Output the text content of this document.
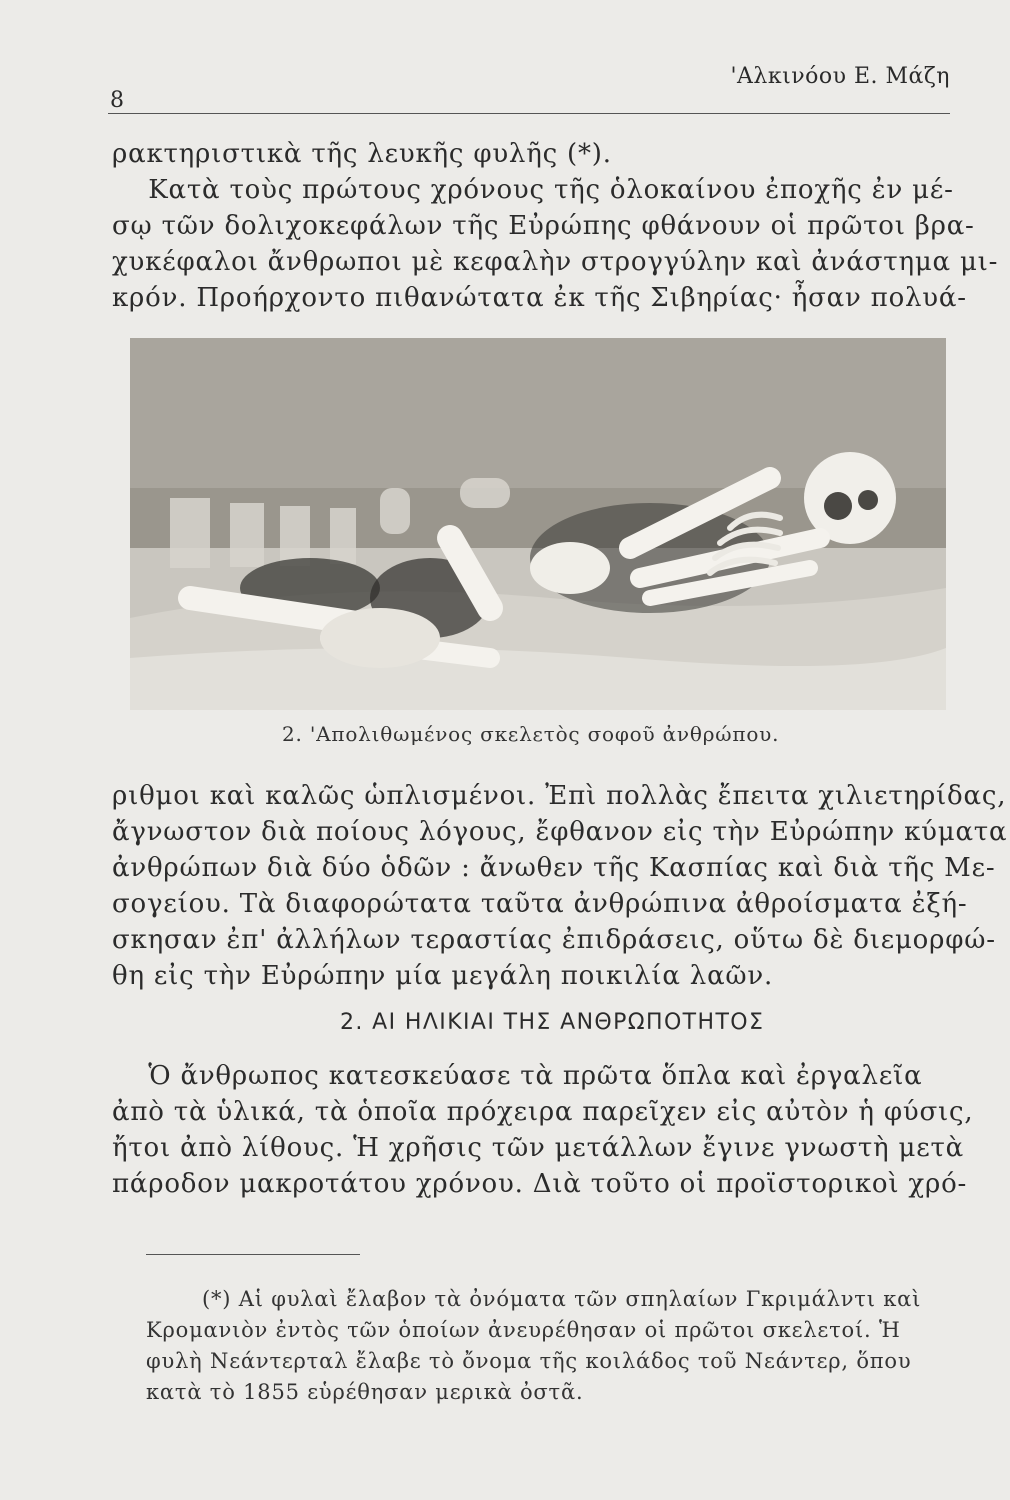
8
'Αλκινόου Ε. Μάζη
ρακτηριστικὰ τῆς λευκῆς φυλῆς (*).
Κατὰ τοὺς πρώτους χρόνους τῆς ὁλοκαίνου ἐποχῆς ἐν μέ-
σῳ τῶν δολιχοκεφάλων τῆς Εὐρώπης φθάνουν οἱ πρῶτοι βρα-
χυκέφαλοι ἄνθρωποι μὲ κεφαλὴν στρογγύλην καὶ ἀνάστημα μι-
κρόν. Προήρχοντο πιθανώτατα ἐκ τῆς Σιβηρίας· ἦσαν πολυά-
2. 'Απολιθωμένος σκελετὸς σοφοῦ ἀνθρώπου.
ριθμοι καὶ καλῶς ὡπλισμένοι. Ἐπὶ πολλὰς ἔπειτα χιλιετηρίδας,
ἄγνωστον διὰ ποίους λόγους, ἔφθανον εἰς τὴν Εὐρώπην κύματα
ἀνθρώπων διὰ δύο ὁδῶν : ἄνωθεν τῆς Κασπίας καὶ διὰ τῆς Με-
σογείου. Τὰ διαφορώτατα ταῦτα ἀνθρώπινα ἀθροίσματα ἐξή-
σκησαν ἐπ' ἀλλήλων τεραστίας ἐπιδράσεις, οὕτω δὲ διεμορφώ-
θη εἰς τὴν Εὐρώπην μία μεγάλη ποικιλία λαῶν.
2. ΑΙ ΗΛΙΚΙΑΙ ΤΗΣ ΑΝΘΡΩΠΟΤΗΤΟΣ
Ὁ ἄνθρωπος κατεσκεύασε τὰ πρῶτα ὅπλα καὶ ἐργαλεῖα
ἀπὸ τὰ ὑλικά, τὰ ὁποῖα πρόχειρα παρεῖχεν εἰς αὐτὸν ἡ φύσις,
ἤτοι ἀπὸ λίθους. Ἡ χρῆσις τῶν μετάλλων ἔγινε γνωστὴ μετὰ
πάροδον μακροτάτου χρόνου. Διὰ τοῦτο οἱ προϊστορικοὶ χρό-
(*) Αἱ φυλαὶ ἔλαβον τὰ ὀνόματα τῶν σπηλαίων Γκριμάλντι καὶ
Κρομανιὸν ἐντὸς τῶν ὁποίων ἀνευρέθησαν οἱ πρῶτοι σκελετοί. Ἡ
φυλὴ Νεάντερταλ ἔλαβε τὸ ὄνομα τῆς κοιλάδος τοῦ Νεάντερ, ὅπου
κατὰ τὸ 1855 εὑρέθησαν μερικὰ ὀστᾶ.
